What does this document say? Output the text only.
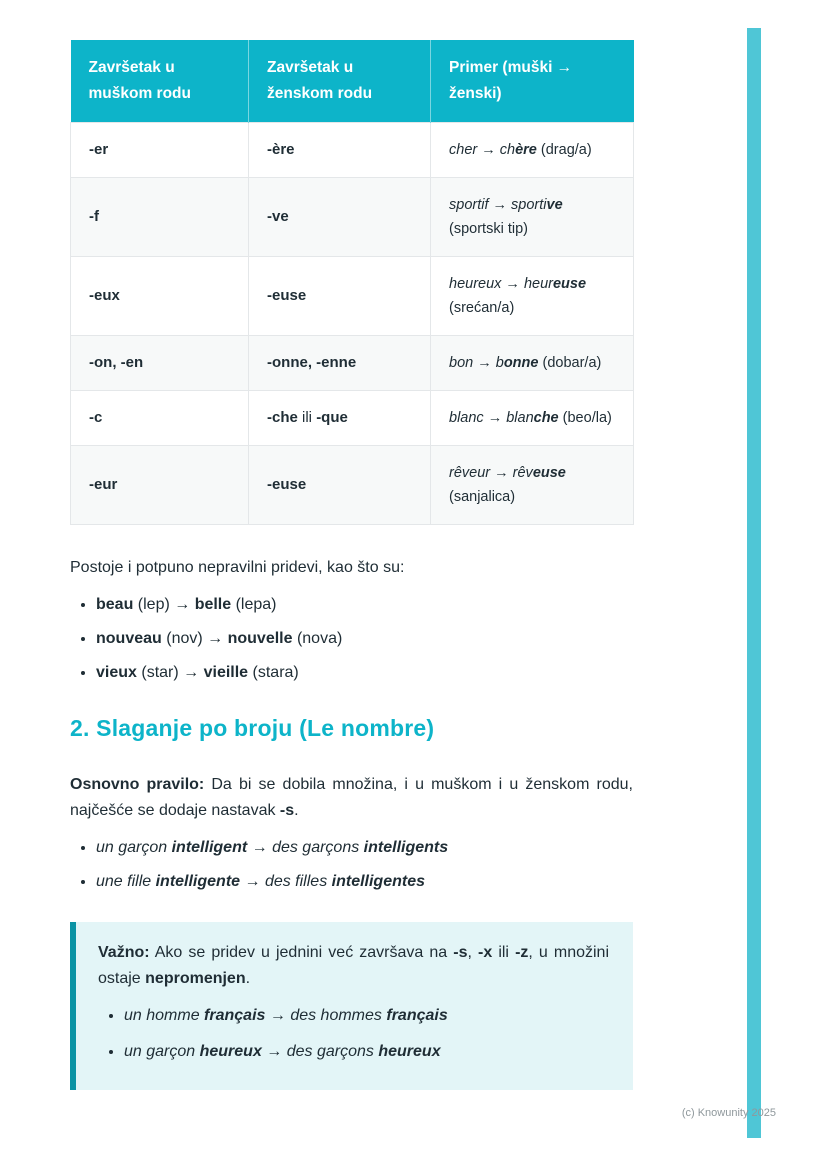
Završetak u muškom rodu	Završetak u ženskom rodu	Primer (muški → ženski)
-er	-ère	cher → chère (drag/a)
-f	-ve	sportif → sportive (sportski tip)
-eux	-euse	heureux → heureuse (srećan/a)
-on, -en	-onne, -enne	bon → bonne (dobar/a)
-c	-che ili -que	blanc → blanche (beo/la)
-eur	-euse	rêveur → rêveuse (sanjalica)

Postoje i potpuno nepravilni pridevi, kao što su:

• beau (lep) → belle (lepa)
• nouveau (nov) → nouvelle (nova)
• vieux (star) → vieille (stara)
2. Slaganje po broju (Le nombre)

Osnovno pravilo: Da bi se dobila množina, i u muškom i u ženskom rodu, najčešće se dodaje nastavak -s.

• un garçon intelligent → des garçons intelligents
• une fille intelligente → des filles intelligentes

Važno: Ako se pridev u jednini već završava na -s, -x ili -z, u množini ostaje nepromenjen.

• un homme français → des hommes français
• un garçon heureux → des garçons heureux
(c) Knowunity 2025
